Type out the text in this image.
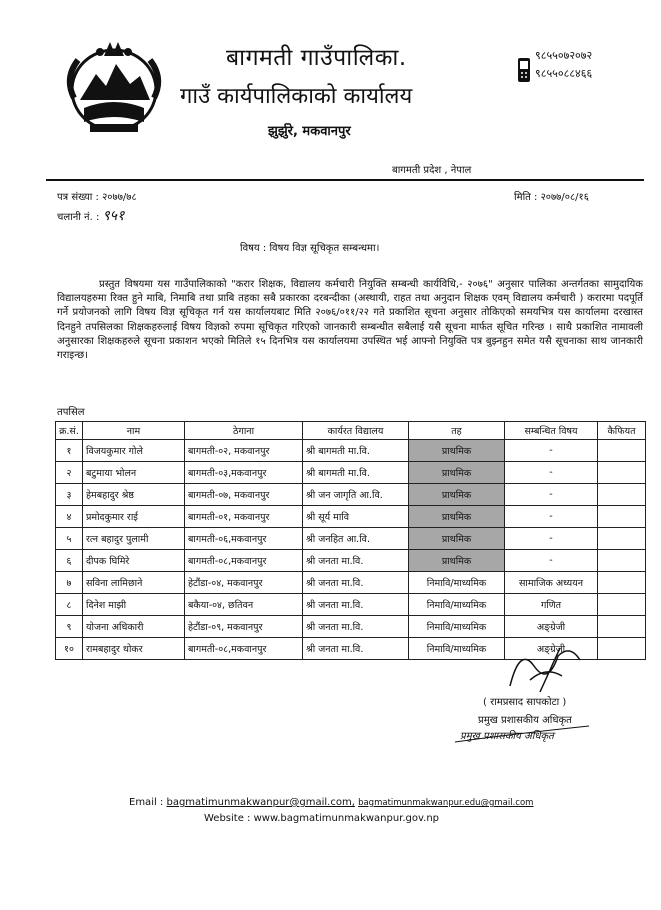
बागमती गाउँपालिका.
गाउँ कार्यपालिकाको कार्यालय
झुर्झुरे, मकवानपुर
९८५५०७२०७२
९८५५०८८४६६
बागमती प्रदेश , नेपाल
पत्र संख्या : २०७७/७८
चलानी नं. : ९५१
मिति : २०७७/०८/१६
विषय : विषय विज्ञ सूचिकृत सम्बन्धमा।

प्रस्तुत विषयमा यस गाउँपालिकाको "करार शिक्षक, विद्यालय कर्मचारी नियुक्ति सम्बन्धी कार्यविधि,- २०७६" अनुसार पालिका अन्तर्गतका सामुदायिक विद्यालयहरुमा रिक्त हुने माबि, निमाबि तथा प्राबि तहका सबै प्रकारका दरबन्दीका (अस्थायी, राहत तथा अनुदान शिक्षक एवम् विद्यालय कर्मचारी ) करारमा पदपूर्ति गर्ने प्रयोजनको लागि विषय विज्ञ सूचिकृत गर्न यस कार्यालयबाट मिति २०७६/०११/२२ गते प्रकाशित सूचना अनुसार तोकिएको समयभित्र यस कार्यालमा दरखास्त दिनहुने तपसिलका शिक्षकहरुलाई विषय विज्ञको रुपमा सूचिकृत गरिएको जानकारी सम्बन्धीत सबैलाई यसै सूचना मार्फत सूचित गरिन्छ । साथै प्रकाशित नामावली अनुसारका शिक्षकहरुले सूचना प्रकाशन भएको मितिले १५ दिनभित्र यस कार्यालयमा उपस्थित भई आफ्नो नियुक्ति पत्र बुझ्नहुन समेत यसै सूचनाका साथ जानकारी गराइन्छ।

तपसिल
क्र.सं.	नाम	ठेगाना	कार्यरत विद्यालय	तह	सम्बन्धित विषय	कैफियत
१	विजयकुमार गोले	बागमती-०२, मकवानपुर	श्री बागमती मा.वि.	प्राथमिक	-	
२	बटुमाया भोलन	बागमती-०३,मकवानपुर	श्री बागमती मा.वि.	प्राथमिक	-	
३	हेमबहादुर श्रेष्ठ	बागमती-०७, मकवानपुर	श्री जन जागृति आ.वि.	प्राथमिक	-	
४	प्रमोदकुमार राई	बागमती-०१, मकवानपुर	श्री सूर्य मावि	प्राथमिक	-	
५	रत्न बहादुर पुलामी	बागमती-०६,मकवानपुर	श्री जनहित आ.वि.	प्राथमिक	-	
६	दीपक घिमिरे	बागमती-०८,मकवानपुर	श्री जनता मा.वि.	प्राथमिक	-	
७	सविना लामिछाने	हेटौंडा-०४, मकवानपुर	श्री जनता मा.वि.	निमावि/माध्यमिक	सामाजिक अध्ययन	
८	दिनेश माझी	बकैया-०४, छतिवन	श्री जनता मा.वि.	निमावि/माध्यमिक	गणित	
९	योजना अधिकारी	हेटौंडा-०९, मकवानपुर	श्री जनता मा.वि.	निमावि/माध्यमिक	अङ्ग्रेजी	
१०	रामबहादुर थोकर	बागमती-०८,मकवानपुर	श्री जनता मा.वि.	निमावि/माध्यमिक	अङ्ग्रेजी	
( रामप्रसाद सापकोटा )
प्रमुख प्रशासकीय अधिकृत
प्रमुख प्रशासकीय अधिकृत
Email : bagmatimunmakwanpur@gmail.com, bagmatimunmakwanpur.edu@gmail.com
Website : www.bagmatimunmakwanpur.gov.np
